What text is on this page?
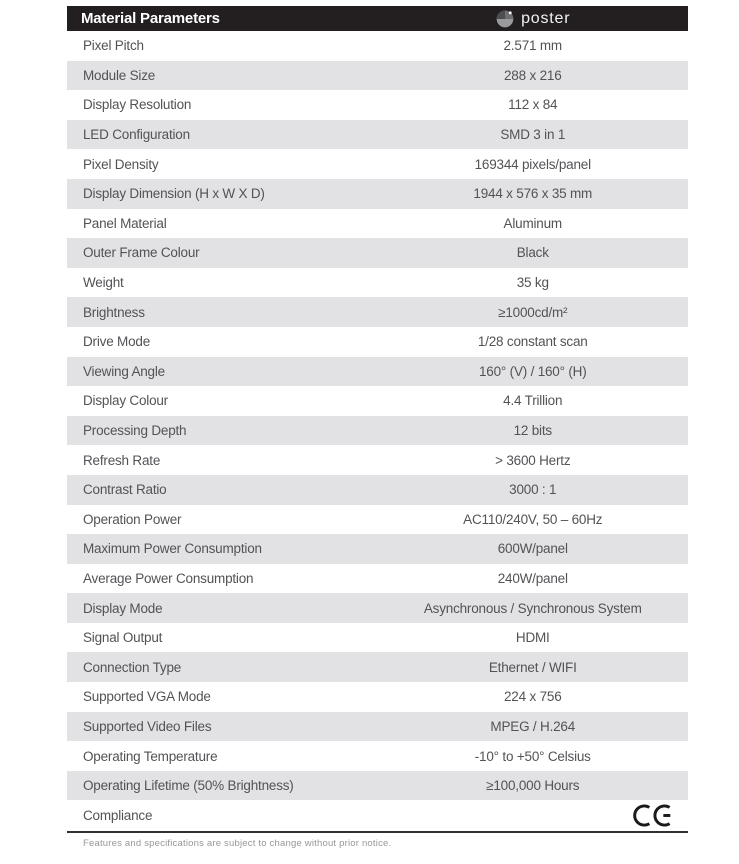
Material Parameters	poster
Pixel Pitch	2.571 mm
Module Size	288 x 216
Display Resolution	112 x 84
LED Configuration	SMD 3 in 1
Pixel Density	169344 pixels/panel
Display Dimension (H x W X D)	1944 x 576 x 35 mm
Panel Material	Aluminum
Outer Frame Colour	Black
Weight	35 kg
Brightness	≥1000cd/m²
Drive Mode	1/28 constant scan
Viewing Angle	160° (V) / 160° (H)
Display Colour	4.4 Trillion
Processing Depth	12 bits
Refresh Rate	> 3600 Hertz
Contrast Ratio	3000 : 1
Operation Power	AC110/240V, 50 – 60Hz
Maximum Power Consumption	600W/panel
Average Power Consumption	240W/panel
Display Mode	Asynchronous / Synchronous System
Signal Output	HDMI
Connection Type	Ethernet / WIFI
Supported VGA Mode	224 x 756
Supported Video Files	MPEG / H.264
Operating Temperature	-10° to +50° Celsius
Operating Lifetime (50% Brightness)	≥100,000 Hours
Compliance
Features and specifications are subject to change without prior notice.
